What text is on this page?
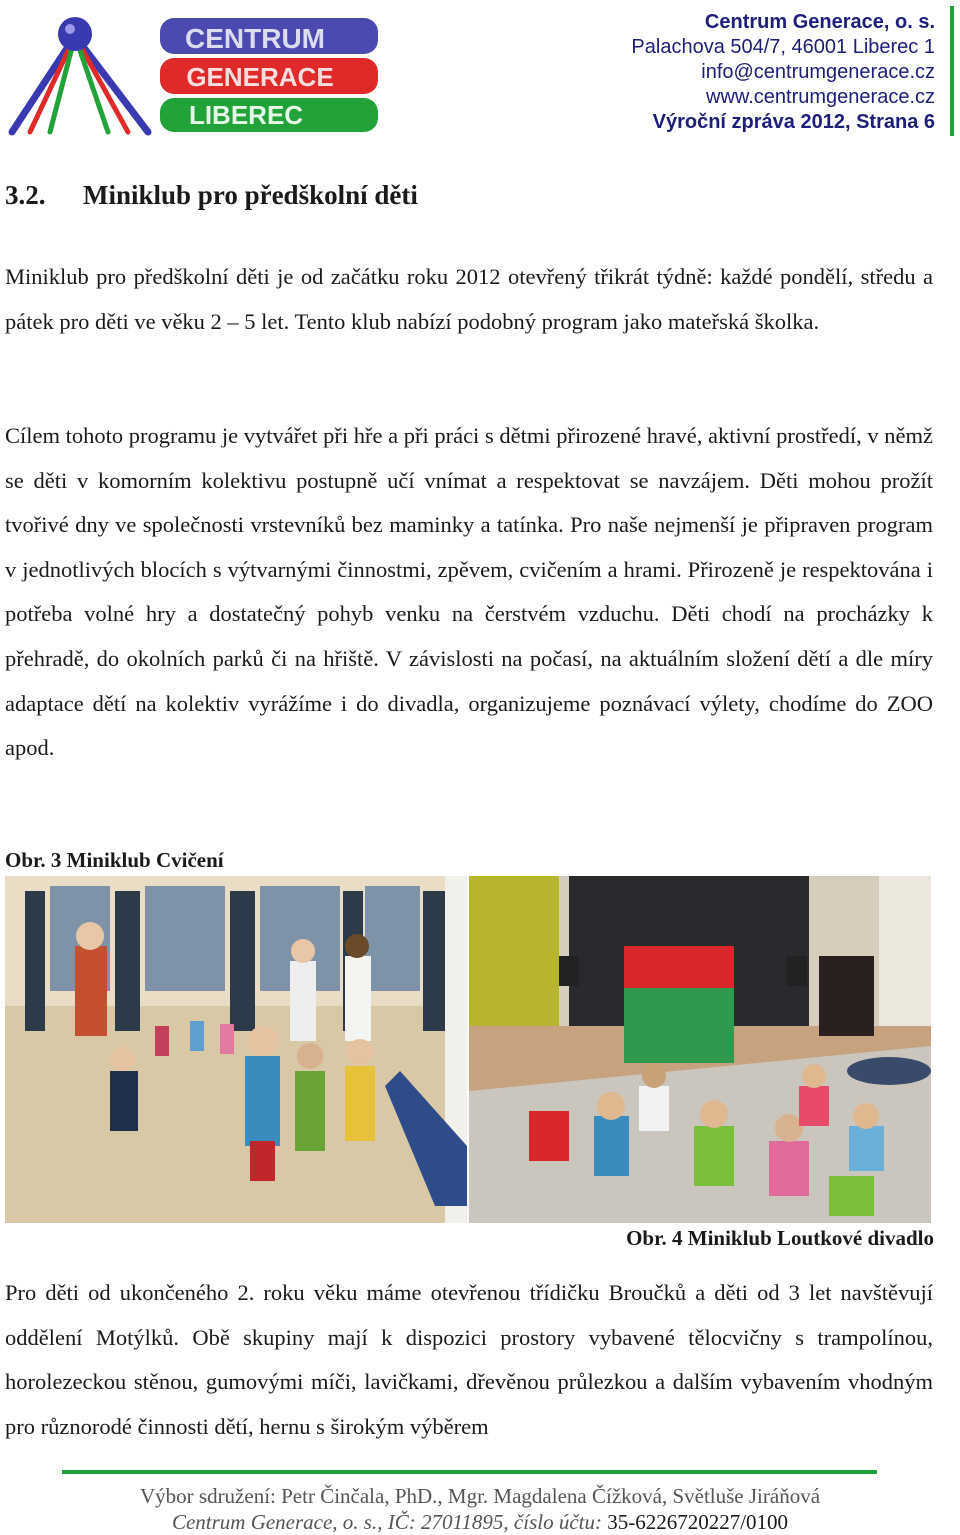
CENTRUM
GENERACE
LIBEREC
Centrum Generace, o. s.
Palachova 504/7, 46001 Liberec 1
info@centrumgenerace.cz
www.centrumgenerace.cz
Výroční zpráva 2012, Strana 6
3.2. Miniklub pro předškolní děti

Miniklub pro předškolní děti je od začátku roku 2012 otevřený třikrát týdně: každé pondělí, středu a pátek pro děti ve věku 2 – 5 let. Tento klub nabízí podobný program jako mateřská školka.

Cílem tohoto programu je vytvářet při hře a při práci s dětmi přirozené hravé, aktivní prostředí, v němž se děti v komorním kolektivu postupně učí vnímat a respektovat se navzájem. Děti mohou prožít tvořivé dny ve společnosti vrstevníků bez maminky a tatínka. Pro naše nejmenší je připraven program v jednotlivých blocích s výtvarnými činnostmi, zpěvem, cvičením a hrami. Přirozeně je respektována i potřeba volné hry a dostatečný pohyb venku na čerstvém vzduchu. Děti chodí na procházky k přehradě, do okolních parků či na hřiště. V závislosti na počasí, na aktuálním složení dětí a dle míry adaptace dětí na kolektiv vyrážíme i do divadla, organizujeme poznávací výlety, chodíme do ZOO apod.

Obr. 3 Miniklub Cvičení

Obr. 4 Miniklub Loutkové divadlo

Pro děti od ukončeného 2. roku věku máme otevřenou třídičku Broučků a děti od 3 let navštěvují oddělení Motýlků. Obě skupiny mají k dispozici prostory vybavené tělocvičny s trampolínou, horolezeckou stěnou, gumovými míči, lavičkami, dřevěnou průlezkou a dalším vybavením vhodným pro různorodé činnosti dětí, hernu s širokým výběrem

Výbor sdružení: Petr Činčala, PhD., Mgr. Magdalena Čížková, Světluše Jiráňová
Centrum Generace, o. s., IČ: 27011895, číslo účtu: 35-6226720227/0100
